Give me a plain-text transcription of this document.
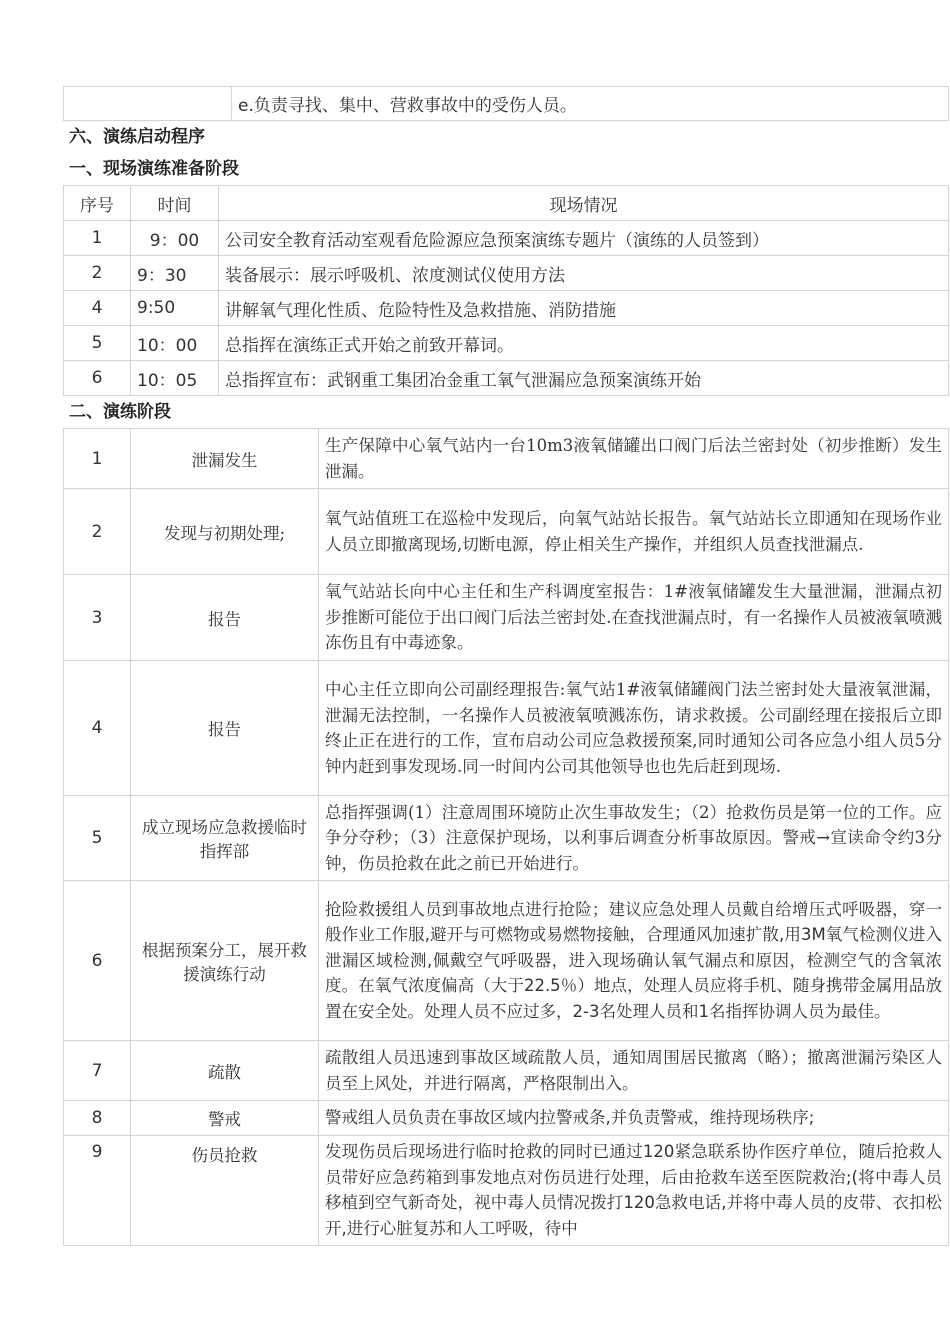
	e.负责寻找、集中、营救事故中的受伤人员。
六、演练启动程序
一、现场演练准备阶段
序号	时间	现场情况
1	9：00	公司安全教育活动室观看危险源应急预案演练专题片（演练的人员签到）
2	9：30	装备展示：展示呼吸机、浓度测试仪使用方法
4	9:50	讲解氧气理化性质、危险特性及急救措施、消防措施
5	10：00	总指挥在演练正式开始之前致开幕词。
6	10：05	总指挥宣布：武钢重工集团冶金重工氧气泄漏应急预案演练开始
二、演练阶段
1	泄漏发生	生产保障中心氧气站内一台10m3液氧储罐出口阀门后法兰密封处（初步推断）发生泄漏。
2	发现与初期处理;	氧气站值班工在巡检中发现后，向氧气站站长报告。氧气站站长立即通知在现场作业人员立即撤离现场,切断电源，停止相关生产操作，并组织人员查找泄漏点.
3	报告	氧气站站长向中心主任和生产科调度室报告：1#液氧储罐发生大量泄漏，泄漏点初步推断可能位于出口阀门后法兰密封处.在查找泄漏点时，有一名操作人员被液氧喷溅冻伤且有中毒迹象。
4	报告	中心主任立即向公司副经理报告:氧气站1#液氧储罐阀门法兰密封处大量液氧泄漏，泄漏无法控制，一名操作人员被液氧喷溅冻伤，请求救援。公司副经理在接报后立即终止正在进行的工作，宣布启动公司应急救援预案,同时通知公司各应急小组人员5分钟内赶到事发现场.同一时间内公司其他领导也也先后赶到现场.
5	成立现场应急救援临时指挥部	总指挥强调(1）注意周围环境防止次生事故发生；（2）抢救伤员是第一位的工作。应争分夺秒；（3）注意保护现场，以利事后调查分析事故原因。警戒→宣读命令约3分钟，伤员抢救在此之前已开始进行。
6	根据预案分工，展开救援演练行动	抢险救援组人员到事故地点进行抢险；建议应急处理人员戴自给增压式呼吸器，穿一般作业工作服,避开与可燃物或易燃物接触，合理通风加速扩散,用3M氧气检测仪进入泄漏区域检测,佩戴空气呼吸器，进入现场确认氧气漏点和原因，检测空气的含氧浓度。在氧气浓度偏高（大于22.5％）地点，处理人员应将手机、随身携带金属用品放置在安全处。处理人员不应过多，2-3名处理人员和1名指挥协调人员为最佳。
7	疏散	疏散组人员迅速到事故区域疏散人员，通知周围居民撤离（略）；撤离泄漏污染区人员至上风处，并进行隔离，严格限制出入。
8	警戒	警戒组人员负责在事故区域内拉警戒条,并负责警戒，维持现场秩序;
9	伤员抢救	发现伤员后现场进行临时抢救的同时已通过120紧急联系协作医疗单位，随后抢救人员带好应急药箱到事发地点对伤员进行处理，后由抢救车送至医院救治;(将中毒人员移植到空气新奇处，视中毒人员情况拨打120急救电话,并将中毒人员的皮带、衣扣松开,进行心脏复苏和人工呼吸，待中
